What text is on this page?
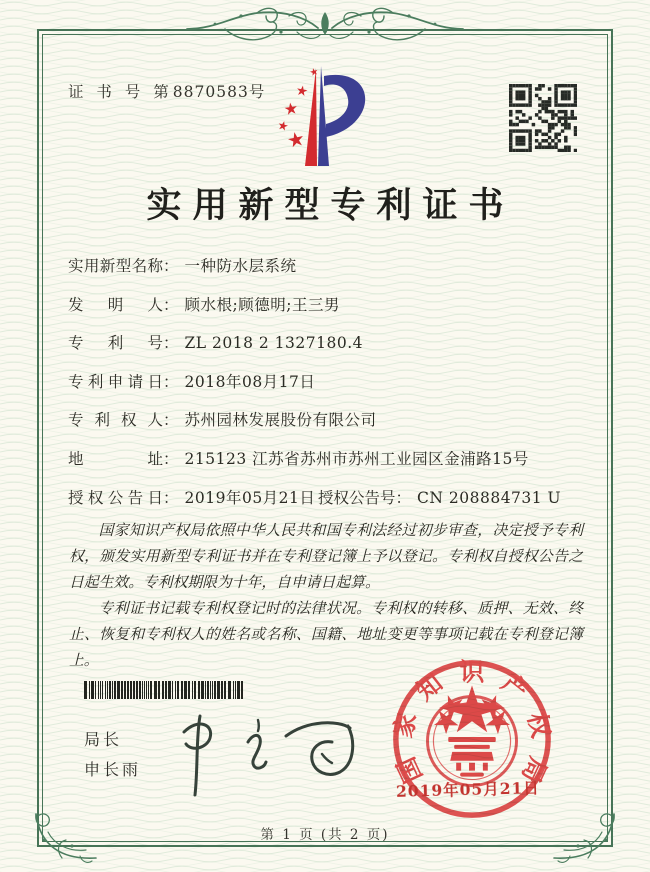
证 书 号 第8870583号
实用新型专利证书
实用新型名称： 一种防水层系统
发明人： 顾水根;顾德明;王三男
专利号： ZL 2018 2 1327180.4
专利申请日： 2018年08月17日
专利权人： 苏州园林发展股份有限公司
地址： 215123 江苏省苏州市苏州工业园区金浦路15号
授权公告日： 2019年05月21日 授权公告号： CN 208884731 U

国家知识产权局依照中华人民共和国专利法经过初步审查，决定授予专利权，颁发实用新型专利证书并在专利登记簿上予以登记。专利权自授权公告之日起生效。专利权期限为十年，自申请日起算。

专利证书记载专利权登记时的法律状况。专利权的转移、质押、无效、终止、恢复和专利权人的姓名或名称、国籍、地址变更等事项记载在专利登记簿上。

局长
申长雨	国
家
知 识 产
权
局
2019年05月21日
第 1 页 (共 2 页)
